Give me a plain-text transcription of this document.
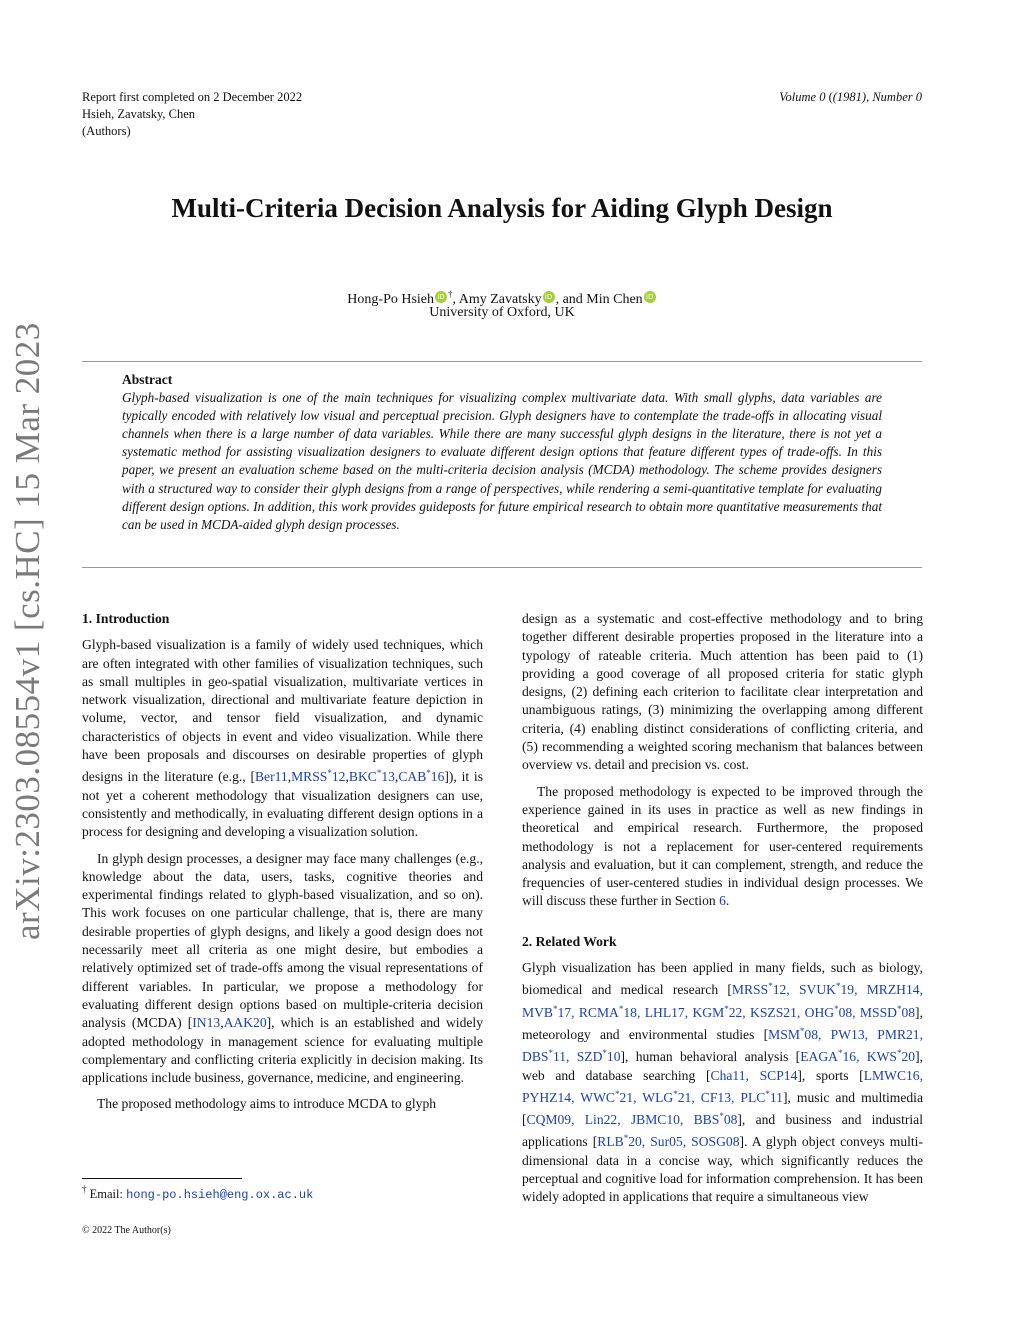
Report first completed on 2 December 2022
Hsieh, Zavatsky, Chen
(Authors)
Volume 0 ((1981), Number 0
arXiv:2303.08554v1 [cs.HC] 15 Mar 2023
Multi-Criteria Decision Analysis for Aiding Glyph Design
Hong-Po Hsieh iD †, Amy Zavatsky iD , and Min Chen iD
University of Oxford, UK
Abstract

Glyph-based visualization is one of the main techniques for visualizing complex multivariate data. With small glyphs, data variables are typically encoded with relatively low visual and perceptual precision. Glyph designers have to contemplate the trade-offs in allocating visual channels when there is a large number of data variables. While there are many successful glyph designs in the literature, there is not yet a systematic method for assisting visualization designers to evaluate different design options that feature different types of trade-offs. In this paper, we present an evaluation scheme based on the multi-criteria decision analysis (MCDA) methodology. The scheme provides designers with a structured way to consider their glyph designs from a range of perspectives, while rendering a semi-quantitative template for evaluating different design options. In addition, this work provides guideposts for future empirical research to obtain more quantitative measurements that can be used in MCDA-aided glyph design processes.

1. Introduction

Glyph-based visualization is a family of widely used techniques, which are often integrated with other families of visualization techniques, such as small multiples in geo-spatial visualization, multivariate vertices in network visualization, directional and multivariate feature depiction in volume, vector, and tensor field visualization, and dynamic characteristics of objects in event and video visualization. While there have been proposals and discourses on desirable properties of glyph designs in the literature (e.g., [Ber11,MRSS*12,BKC*13,CAB*16]), it is not yet a coherent methodology that visualization designers can use, consistently and methodically, in evaluating different design options in a process for designing and developing a visualization solution.

In glyph design processes, a designer may face many challenges (e.g., knowledge about the data, users, tasks, cognitive theories and experimental findings related to glyph-based visualization, and so on). This work focuses on one particular challenge, that is, there are many desirable properties of glyph designs, and likely a good design does not necessarily meet all criteria as one might desire, but embodies a relatively optimized set of trade-offs among the visual representations of different variables. In particular, we propose a methodology for evaluating different design options based on multiple-criteria decision analysis (MCDA) [IN13,AAK20], which is an established and widely adopted methodology in management science for evaluating multiple complementary and conflicting criteria explicitly in decision making. Its applications include business, governance, medicine, and engineering.

The proposed methodology aims to introduce MCDA to glyph

design as a systematic and cost-effective methodology and to bring together different desirable properties proposed in the literature into a typology of rateable criteria. Much attention has been paid to (1) providing a good coverage of all proposed criteria for static glyph designs, (2) defining each criterion to facilitate clear interpretation and unambiguous ratings, (3) minimizing the overlapping among different criteria, (4) enabling distinct considerations of conflicting criteria, and (5) recommending a weighted scoring mechanism that balances between overview vs. detail and precision vs. cost.

The proposed methodology is expected to be improved through the experience gained in its uses in practice as well as new findings in theoretical and empirical research. Furthermore, the proposed methodology is not a replacement for user-centered requirements analysis and evaluation, but it can complement, strength, and reduce the frequencies of user-centered studies in individual design processes. We will discuss these further in Section 6.

2. Related Work

Glyph visualization has been applied in many fields, such as biology, biomedical and medical research [MRSS*12, SVUK*19, MRZH14, MVB*17, RCMA*18, LHL17, KGM*22, KSZS21, OHG*08, MSSD*08], meteorology and environmental studies [MSM*08, PW13, PMR21, DBS*11, SZD*10], human behavioral analysis [EAGA*16, KWS*20], web and database searching [Cha11, SCP14], sports [LMWC16, PYHZ14, WWC*21, WLG*21, CF13, PLC*11], music and multimedia [CQM09, Lin22, JBMC10, BBS*08], and business and industrial applications [RLB*20, Sur05, SOSG08]. A glyph object conveys multi-dimensional data in a concise way, which significantly reduces the perceptual and cognitive load for information comprehension. It has been widely adopted in applications that require a simultaneous view

† Email: hong-po.hsieh@eng.ox.ac.uk
© 2022 The Author(s)
